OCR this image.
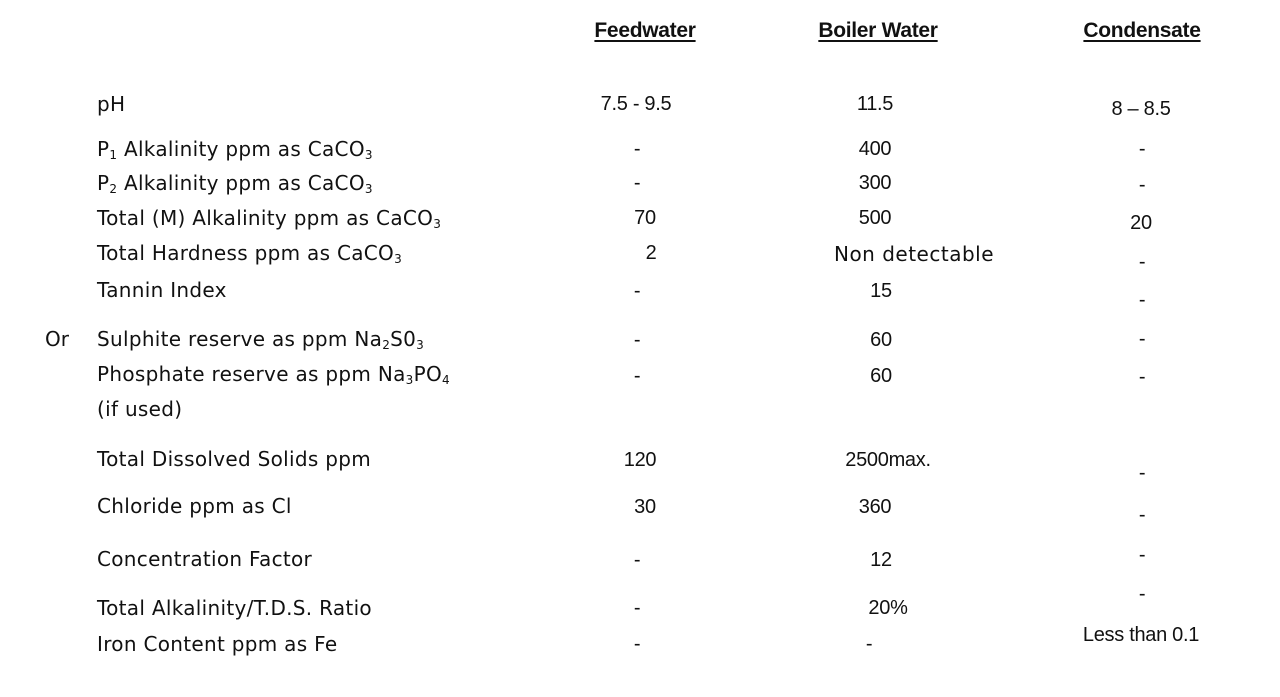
Feedwater	Boiler Water	Condensate
pH
$P_1$ Alkalinity ppm as CaCO$_3$
$P_2$ Alkalinity ppm as CaCO$_3$
Total (M) Alkalinity ppm as CaCO$_3$
Total Hardness ppm as CaCO$_3$
Tannin Index
Or Sulphite reserve as ppm $Na_2S0_3$
Phosphate reserve as ppm $Na_3PO_4$
(if used)
Total Dissolved Solids ppm
Chloride ppm as Cl
Concentration Factor
Total Alkalinity/T.D.S. Ratio
Iron Content ppm as Fe
7.5 - 9.5
-
-
70
2
-
-
-
120
30
-
-
-
11.5
400
300
500
Non detectable
15
60
60
2500max.
360
12
20%
-
8 – 8.5
-
-
20
-
-
-
-
-
-
-
-
Less than 0.1
